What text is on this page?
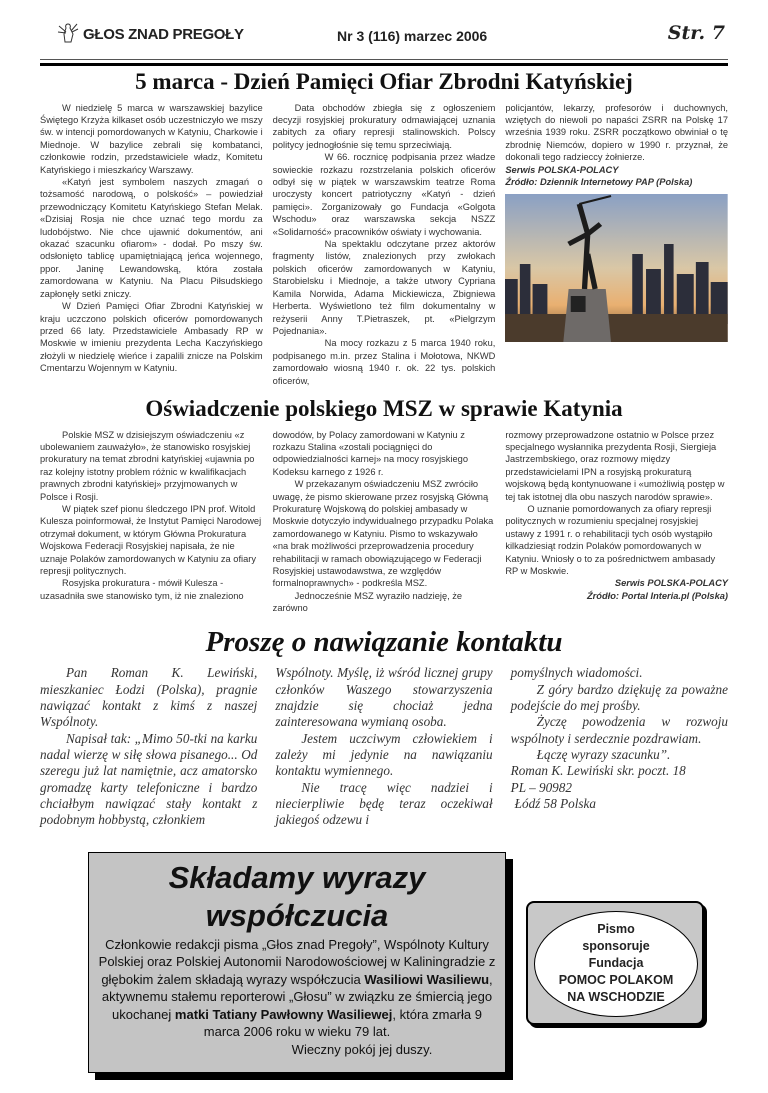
GŁOS ZNAD PREGOŁY	Nr 3 (116) marzec 2006	Str. 7
5 marca - Dzień Pamięci Ofiar Zbrodni Katyńskiej

W niedzielę 5 marca w warszawskiej bazylice Świętego Krzyża kilkaset osób uczestniczyło we mszy św. w intencji pomordowanych w Katyniu, Charkowie i Miednoje. W bazylice zebrali się kombatanci, członkowie rodzin, przedstawiciele władz, Komitetu Katyńskiego i mieszkańcy Warszawy.

«Katyń jest symbolem naszych zmagań o tożsamość narodową, o polskość» – powiedział przewodniczący Komitetu Katyńskiego Stefan Melak. «Dzisiaj Rosja nie chce uznać tego mordu za ludobójstwo. Nie chce ujawnić dokumentów, ani okazać szacunku ofiarom» - dodał. Po mszy św. odsłonięto tablicę upamiętniającą jeńca wojennego, ppor. Janinę Lewandowską, która została zamordowana w Katyniu. Na Placu Piłsudskiego zapłonęły setki zniczy.

W Dzień Pamięci Ofiar Zbrodni Katyńskiej w kraju uczczono polskich oficerów pomordowanych przed 66 laty. Przedstawiciele Ambasady RP w Moskwie w imieniu prezydenta Lecha Kaczyńskiego złożyli w niedzielę wieńce i zapalili znicze na Polskim Cmentarzu Wojennym w Katyniu.

Data obchodów zbiegła się z ogłoszeniem decyzji rosyjskiej prokuratury odmawiającej uznania zabitych za ofiary represji stalinowskich. Polscy politycy jednogłośnie się temu sprzeciwiają.

W 66. rocznicę podpisania przez władze sowieckie rozkazu rozstrzelania polskich oficerów odbył się w piątek w warszawskim teatrze Roma uroczysty koncert patriotyczny «Katyń - dzień pamięci». Zorganizowały go Fundacja «Golgota Wschodu» oraz warszawska sekcja NSZZ «Solidarność» pracowników oświaty i wychowania.

Na spektaklu odczytane przez aktorów fragmenty listów, znalezionych przy zwłokach polskich oficerów zamordowanych w Katyniu, Starobielsku i Miednoje, a także utwory Cypriana Kamila Norwida, Adama Mickiewicza, Zbigniewa Herberta. Wyświetlono też film dokumentalny w reżyserii Anny T.Pietraszek, pt. «Pielgrzym Pojednania».

Na mocy rozkazu z 5 marca 1940 roku, podpisanego m.in. przez Stalina i Mołotowa, NKWD zamordowało wiosną 1940 r. ok. 22 tys. polskich oficerów,

policjantów, lekarzy, profesorów i duchownych, wziętych do niewoli po napaści ZSRR na Polskę 17 września 1939 roku. ZSRR początkowo obwiniał o tę zbrodnię Niemców, dopiero w 1990 r. przyznał, że dokonali tego radzieccy żołnierze.

Serwis POLSKA-POLACY

Źródło: Dziennik Internetowy PAP (Polska)

Oświadczenie polskiego MSZ w sprawie Katynia

Polskie MSZ w dzisiejszym oświadczeniu «z ubolewaniem zauważyło», że stanowisko rosyjskiej prokuratury na temat zbrodni katyńskiej «ujawnia po raz kolejny istotny problem różnic w kwalifikacjach prawnych zbrodni katyńskiej» przyjmowanych w Polsce i Rosji.

W piątek szef pionu śledczego IPN prof. Witold Kulesza poinformował, że Instytut Pamięci Narodowej otrzymał dokument, w którym Główna Prokuratura Wojskowa Federacji Rosyjskiej napisała, że nie uznaje Polaków zamordowanych w Katyniu za ofiary represji politycznych.

Rosyjska prokuratura - mówił Kulesza - uzasadniła swe stanowisko tym, iż nie znaleziono

dowodów, by Polacy zamordowani w Katyniu z rozkazu Stalina «zostali pociągnięci do odpowiedzialności karnej» na mocy rosyjskiego Kodeksu karnego z 1926 r.

W przekazanym oświadczeniu MSZ zwróciło uwagę, że pismo skierowane przez rosyjską Główną Prokuraturę Wojskową do polskiej ambasady w Moskwie dotyczyło indywidualnego przypadku Polaka zamordowanego w Katyniu. Pismo to wskazywało «na brak możliwości przeprowadzenia procedury rehabilitacji w ramach obowiązującego w Federacji Rosyjskiej ustawodawstwa, ze względów formalnoprawnych» - podkreśla MSZ.

Jednocześnie MSZ wyraziło nadzieję, że zarówno

rozmowy przeprowadzone ostatnio w Polsce przez specjalnego wysłannika prezydenta Rosji, Siergieja Jastrzembskiego, oraz rozmowy między przedstawicielami IPN a rosyjską prokuraturą wojskową będą kontynuowane i «umożliwią postęp w tej tak istotnej dla obu naszych narodów sprawie».

O uznanie pomordowanych za ofiary represji politycznych w rozumieniu specjalnej rosyjskiej ustawy z 1991 r. o rehabilitacji tych osób wystąpiło kilkadziesiąt rodzin Polaków pomordowanych w Katyniu. Wniosły o to za pośrednictwem ambasady RP w Moskwie.

Serwis POLSKA-POLACY

Źródło: Portal Interia.pl (Polska)

Proszę o nawiązanie kontaktu

Pan Roman K. Lewiński, mieszkaniec Łodzi (Polska), pragnie nawiązać kontakt z kimś z naszej Wspólnoty.

Napisał tak: „Mimo 50-tki na karku nadal wierzę w siłę słowa pisanego... Od szeregu już lat namiętnie, acz amatorsko gromadzę karty telefoniczne i bardzo chciałbym nawiązać stały kontakt z podobnym hobbystą, członkiem

Wspólnoty. Myślę, iż wśród licznej grupy członków Waszego stowarzyszenia znajdzie się chociaż jedna zainteresowana wymianą osoba.

Jestem uczciwym człowiekiem i zależy mi jedynie na nawiązaniu kontaktu wymiennego.

Nie tracę więc nadziei i niecierpliwie będę teraz oczekiwał jakiegoś odzewu i

pomyślnych wiadomości.

Z góry bardzo dziękuję za poważne podejście do mej prośby.

Życzę powodzenia w rozwoju wspólnoty i serdecznie pozdrawiam.

Łączę wyrazy szacunku”.

Roman K. Lewiński skr. poczt. 18

PL – 90982

Łódź 58 Polska

Składamy wyrazy współczucia
Członkowie redakcji pisma „Głos znad Pregoły”, Wspólnoty Kultury Polskiej oraz Polskiej Autonomii Narodowościowej w Kaliningradzie z głębokim żalem składają wyrazy współczucia Wasiliowi Wasiliewu, aktywnemu stałemu reporterowi „Głosu” w związku ze śmiercią jego ukochanej matki Tatiany Pawłowny Wasiliewej, która zmarła 9 marca 2006 roku w wieku 79 lat.
Wieczny pokój jej duszy.
Pismo
sponsoruje
Fundacja
POMOC POLAKOM
NA WSCHODZIE
